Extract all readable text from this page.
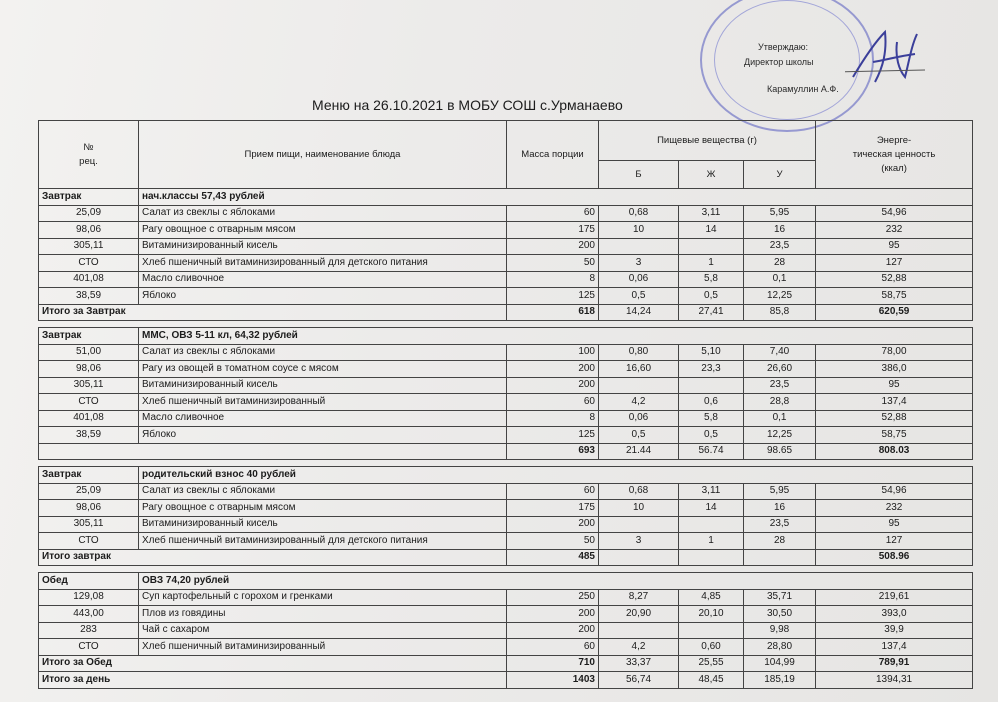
Утверждаю:
Директор школы
Карамуллин А.Ф.
Меню на 26.10.2021 в МОБУ СОШ с.Урманаево
№
рец.	Прием пищи, наименование блюда	Масса порции	Пищевые вещества (г)			Энерге-
тическая ценность
(ккал)
			Б	Ж	У	
Завтрак	нач.классы 57,43 рублей					
25,09	Салат из свеклы с яблоками	60	0,68	3,11	5,95	54,96
98,06	Рагу овощное с отварным мясом	175	10	14	16	232
305,11	Витаминизированный кисель	200			23,5	95
СТО	Хлеб пшеничный витаминизированный для детского питания	50	3	1	28	127
401,08	Масло сливочное	8	0,06	5,8	0,1	52,88
38,59	Яблоко	125	0,5	0,5	12,25	58,75
Итого за Завтрак		618	14,24	27,41	85,8	620,59

Завтрак	ММС, ОВЗ 5-11 кл, 64,32 рублей					
51,00	Салат из свеклы с яблоками	100	0,80	5,10	7,40	78,00
98,06	Рагу из овощей в томатном соусе с мясом	200	16,60	23,3	26,60	386,0
305,11	Витаминизированный кисель	200			23,5	95
СТО	Хлеб пшеничный витаминизированный	60	4,2	0,6	28,8	137,4
401,08	Масло сливочное	8	0,06	5,8	0,1	52,88
38,59	Яблоко	125	0,5	0,5	12,25	58,75
		693	21.44	56.74	98.65	808.03

Завтрак	родительский взнос 40 рублей					
25,09	Салат из свеклы с яблоками	60	0,68	3,11	5,95	54,96
98,06	Рагу овощное с отварным мясом	175	10	14	16	232
305,11	Витаминизированный кисель	200			23,5	95
СТО	Хлеб пшеничный витаминизированный для детского питания	50	3	1	28	127
Итого завтрак		485				508.96

Обед	ОВЗ 74,20 рублей					
129,08	Суп картофельный с горохом и гренками	250	8,27	4,85	35,71	219,61
443,00	Плов из говядины	200	20,90	20,10	30,50	393,0
283	Чай с сахаром	200			9,98	39,9
СТО	Хлеб пшеничный витаминизированный	60	4,2	0,60	28,80	137,4
Итого за Обед		710	33,37	25,55	104,99	789,91
Итого за день		1403	56,74	48,45	185,19	1394,31
